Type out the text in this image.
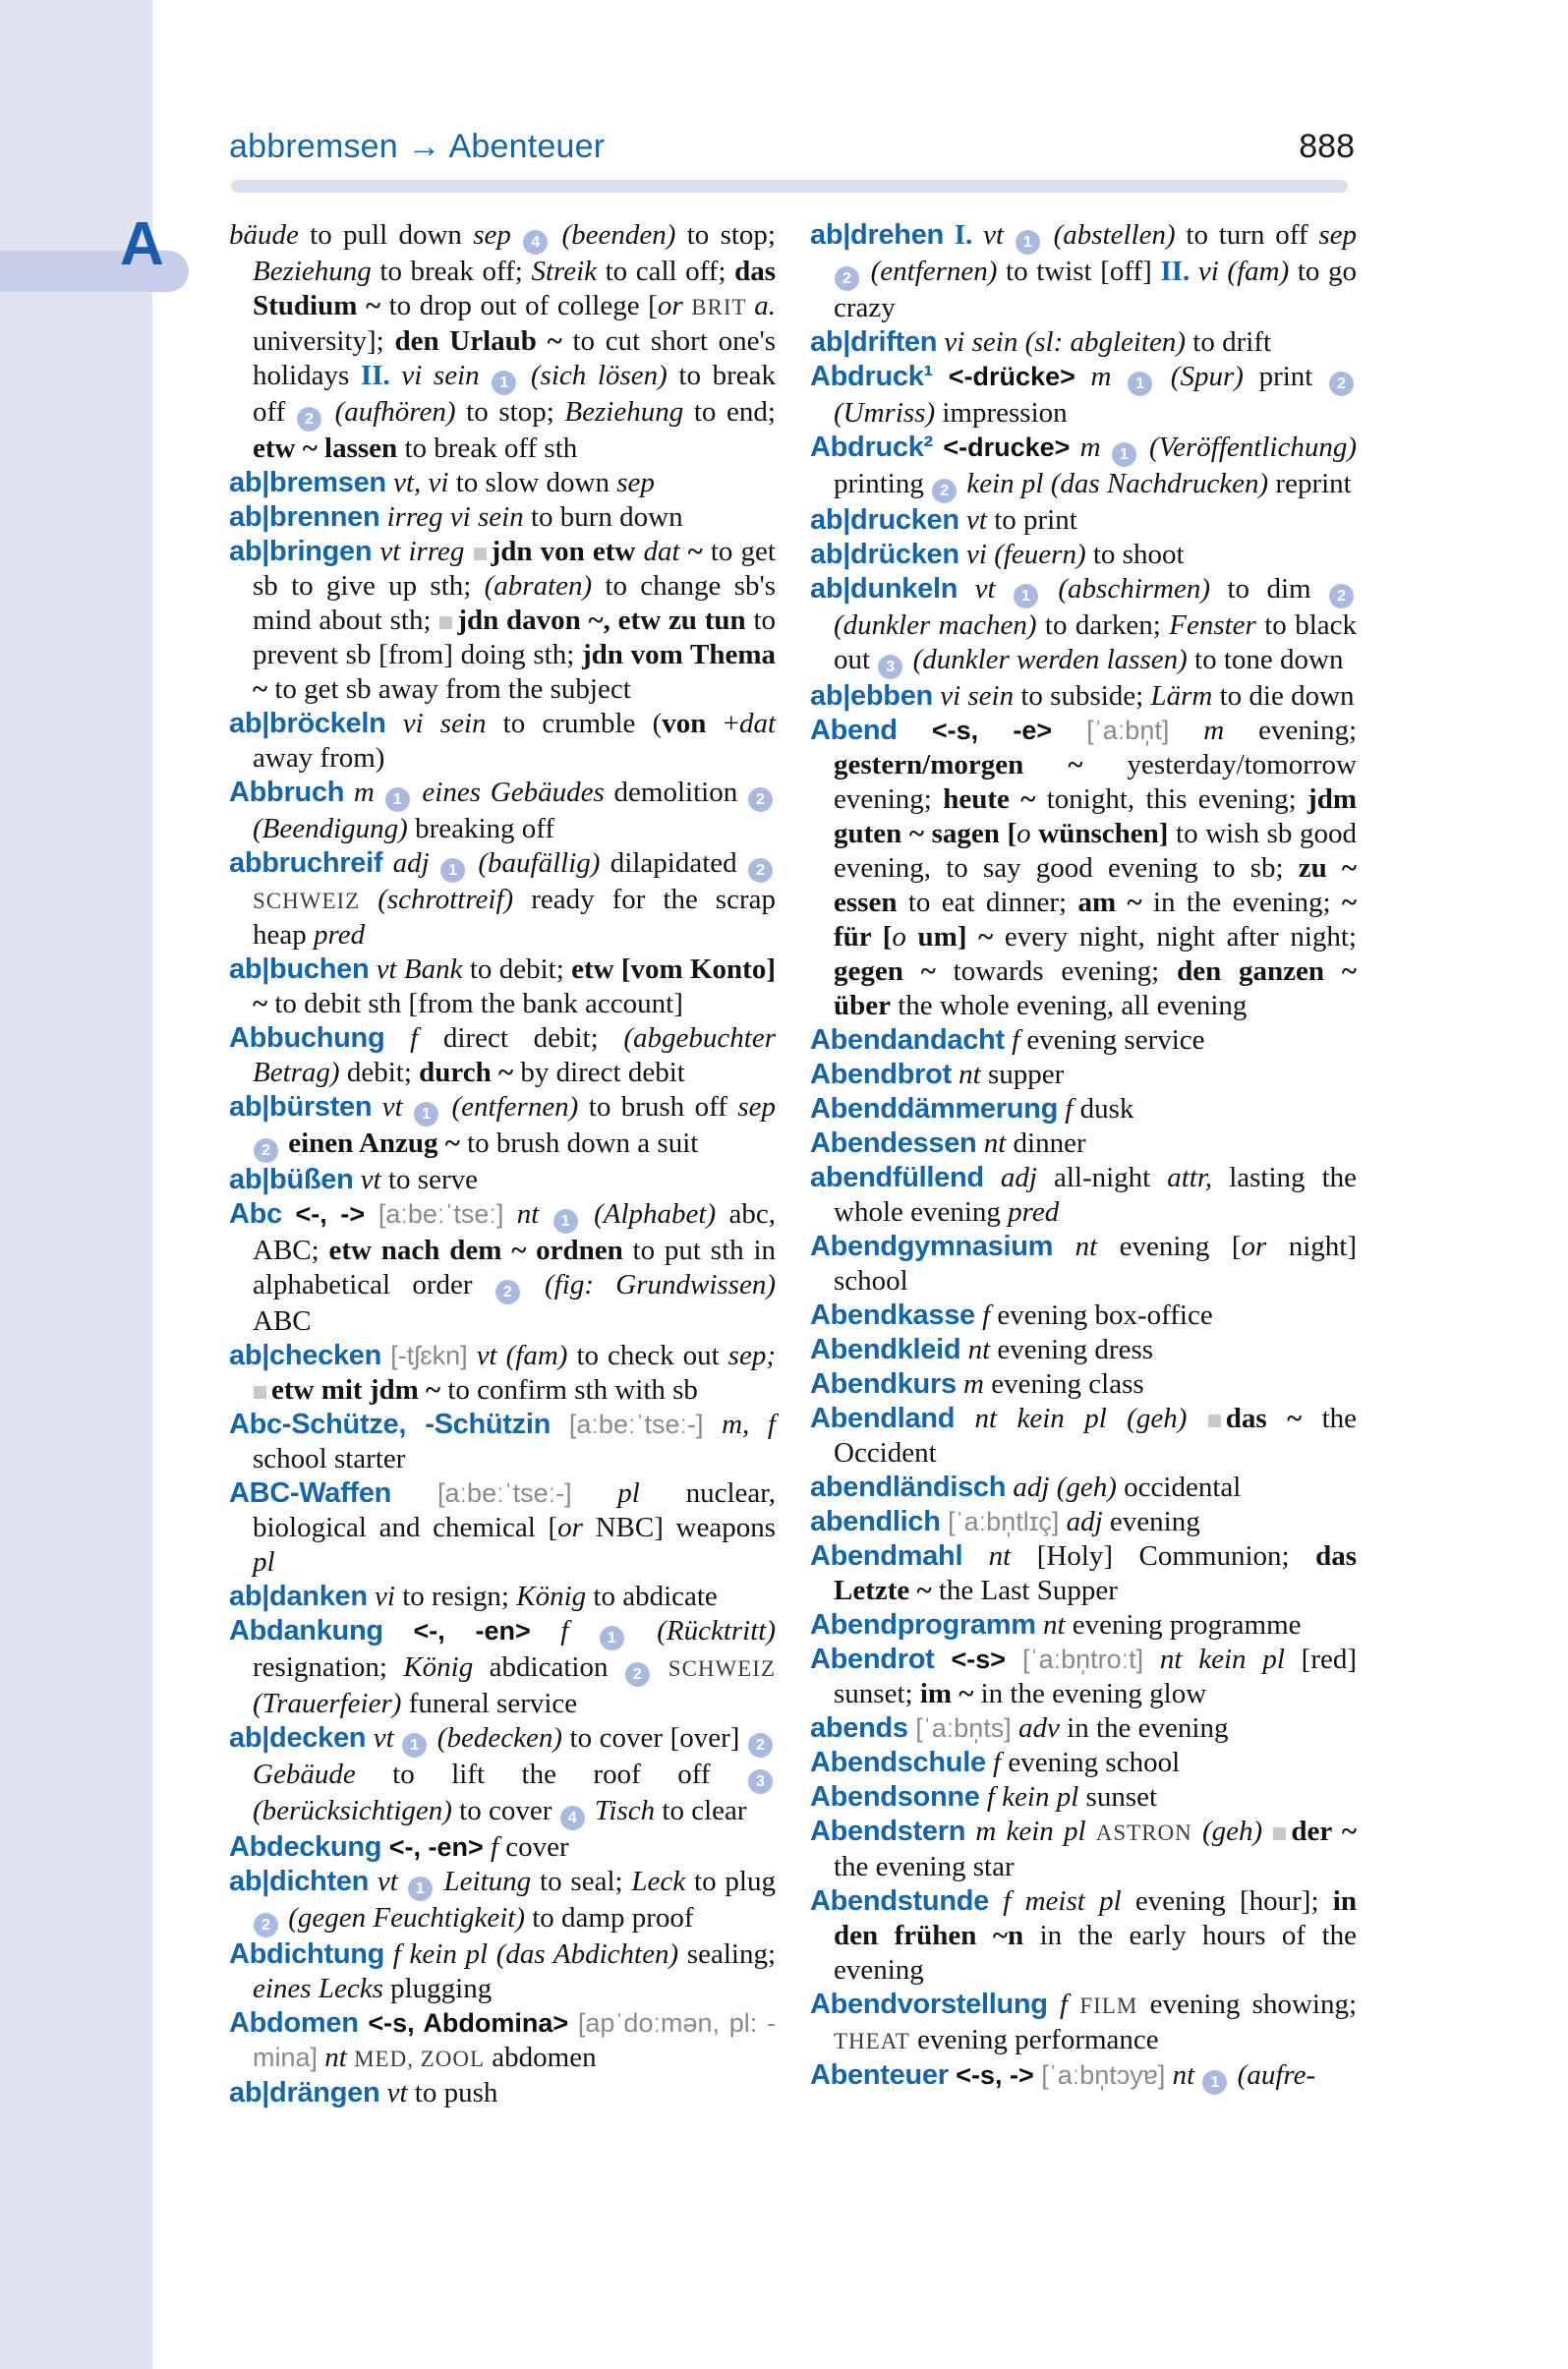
A
abbremsen → Abenteuer	888

bäude to pull down sep 4 (beenden) to stop; Beziehung to break off; Streik to call off; das Studium ~ to drop out of college [or BRIT a. university]; den Urlaub ~ to cut short one's holidays II. vi sein 1 (sich lösen) to break off 2 (aufhören) to stop; Beziehung to end; etw ~ lassen to break off sth

ab|bremsen vt, vi to slow down sep

ab|brennen irreg vi sein to burn down

ab|bringen vt irreg jdn von etw dat ~ to get sb to give up sth; (abraten) to change sb's mind about sth; jdn davon ~, etw zu tun to prevent sb [from] doing sth; jdn vom Thema ~ to get sb away from the subject

ab|bröckeln vi sein to crumble (von +dat away from)

Abbruch m 1 eines Gebäudes demolition 2 (Beendigung) breaking off

abbruchreif adj 1 (baufällig) dilapidated 2 SCHWEIZ (schrottreif) ready for the scrap heap pred

ab|buchen vt Bank to debit; etw [vom Konto] ~ to debit sth [from the bank account]

Abbuchung f direct debit; (abgebuchter Betrag) debit; durch ~ by direct debit

ab|bürsten vt 1 (entfernen) to brush off sep 2 einen Anzug ~ to brush down a suit

ab|büßen vt to serve

Abc <-, -> [aːbeːˈtseː] nt 1 (Alphabet) abc, ABC; etw nach dem ~ ordnen to put sth in alphabetical order 2 (fig: Grundwissen) ABC

ab|checken [-tʃɛkn] vt (fam) to check out sep; etw mit jdm ~ to confirm sth with sb

Abc-Schütze, -Schützin [aːbeːˈtseː-] m, f school starter

ABC-Waffen [aːbeːˈtseː-] pl nuclear, biological and chemical [or NBC] weapons pl

ab|danken vi to resign; König to abdicate

Abdankung <-, -en> f 1 (Rücktritt) resignation; König abdication 2 SCHWEIZ (Trauerfeier) funeral service

ab|decken vt 1 (bedecken) to cover [over] 2 Gebäude to lift the roof off 3 (berücksichtigen) to cover 4 Tisch to clear

Abdeckung <-, -en> f cover

ab|dichten vt 1 Leitung to seal; Leck to plug 2 (gegen Feuchtigkeit) to damp proof

Abdichtung f kein pl (das Abdichten) sealing; eines Lecks plugging

Abdomen <-s, Abdomina> [apˈdoːmən, pl: -mina] nt MED, ZOOL abdomen

ab|drängen vt to push

ab|drehen I. vt 1 (abstellen) to turn off sep 2 (entfernen) to twist [off] II. vi (fam) to go crazy

ab|driften vi sein (sl: abgleiten) to drift

Abdruck¹ <-drücke> m 1 (Spur) print 2 (Umriss) impression

Abdruck² <-drucke> m 1 (Veröffentlichung) printing 2 kein pl (das Nachdrucken) reprint

ab|drucken vt to print

ab|drücken vi (feuern) to shoot

ab|dunkeln vt 1 (abschirmen) to dim 2 (dunkler machen) to darken; Fenster to black out 3 (dunkler werden lassen) to tone down

ab|ebben vi sein to subside; Lärm to die down

Abend <-s, -e> [ˈaːbn̩t] m evening; gestern/morgen ~ yesterday/tomorrow evening; heute ~ tonight, this evening; jdm guten ~ sagen [o wünschen] to wish sb good evening, to say good evening to sb; zu ~ essen to eat dinner; am ~ in the evening; ~ für [o um] ~ every night, night after night; gegen ~ towards evening; den ganzen ~ über the whole evening, all evening

Abendandacht f evening service

Abendbrot nt supper

Abenddämmerung f dusk

Abendessen nt dinner

abendfüllend adj all-night attr, lasting the whole evening pred

Abendgymnasium nt evening [or night] school

Abendkasse f evening box-office

Abendkleid nt evening dress

Abendkurs m evening class

Abendland nt kein pl (geh) das ~ the Occident

abendländisch adj (geh) occidental

abendlich [ˈaːbn̩tlɪç] adj evening

Abendmahl nt [Holy] Communion; das Letzte ~ the Last Supper

Abendprogramm nt evening programme

Abendrot <-s> [ˈaːbn̩troːt] nt kein pl [red] sunset; im ~ in the evening glow

abends [ˈaːbn̩ts] adv in the evening

Abendschule f evening school

Abendsonne f kein pl sunset

Abendstern m kein pl ASTRON (geh) der ~ the evening star

Abendstunde f meist pl evening [hour]; in den frühen ~n in the early hours of the evening

Abendvorstellung f FILM evening showing; THEAT evening performance

Abenteuer <-s, -> [ˈaːbn̩tɔyɐ] nt 1 (aufre-
